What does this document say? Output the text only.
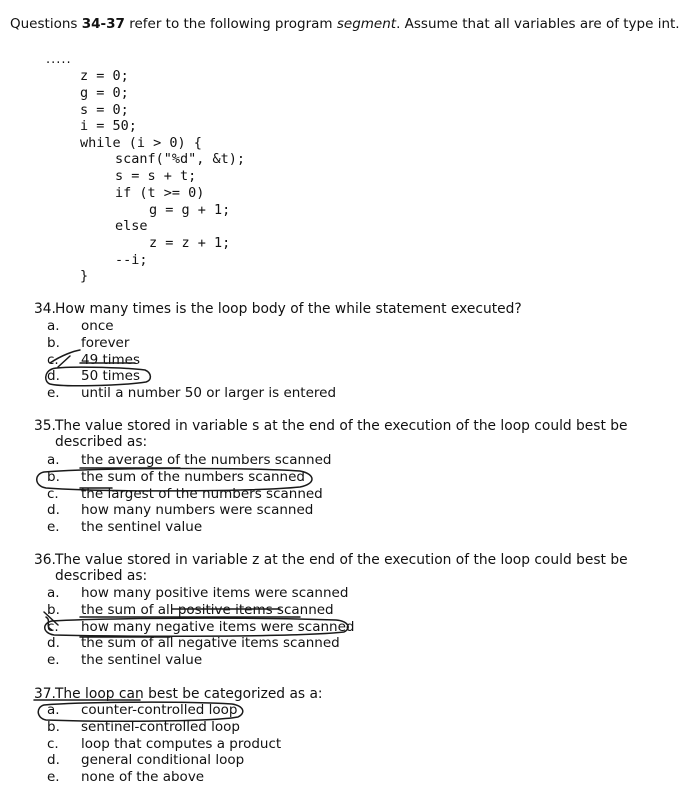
Questions 34-37 refer to the following program segment. Assume that all variables are of type int.
.....
z = 0;
g = 0;
s = 0;
i = 50;
while (i > 0) {
scanf("%d", &t);
s = s + t;
if (t >= 0)
g = g + 1;
else
z = z + 1;
--i;
}
34.How many times is the loop body of the while statement executed?
a. once
b. forever
c. 49 times
d. 50 times
e. until a number 50 or larger is entered
35.The value stored in variable s at the end of the execution of the loop could best be
described as:
a. the average of the numbers scanned
b. the sum of the numbers scanned
c. the largest of the numbers scanned
d. how many numbers were scanned
e. the sentinel value
36.The value stored in variable z at the end of the execution of the loop could best be
described as:
a. how many positive items were scanned
b. the sum of all positive items scanned
c. how many negative items were scanned
d. the sum of all negative items scanned
e. the sentinel value
37.The loop can best be categorized as a:
a. counter-controlled loop
b. sentinel-controlled loop
c. loop that computes a product
d. general conditional loop
e. none of the above
